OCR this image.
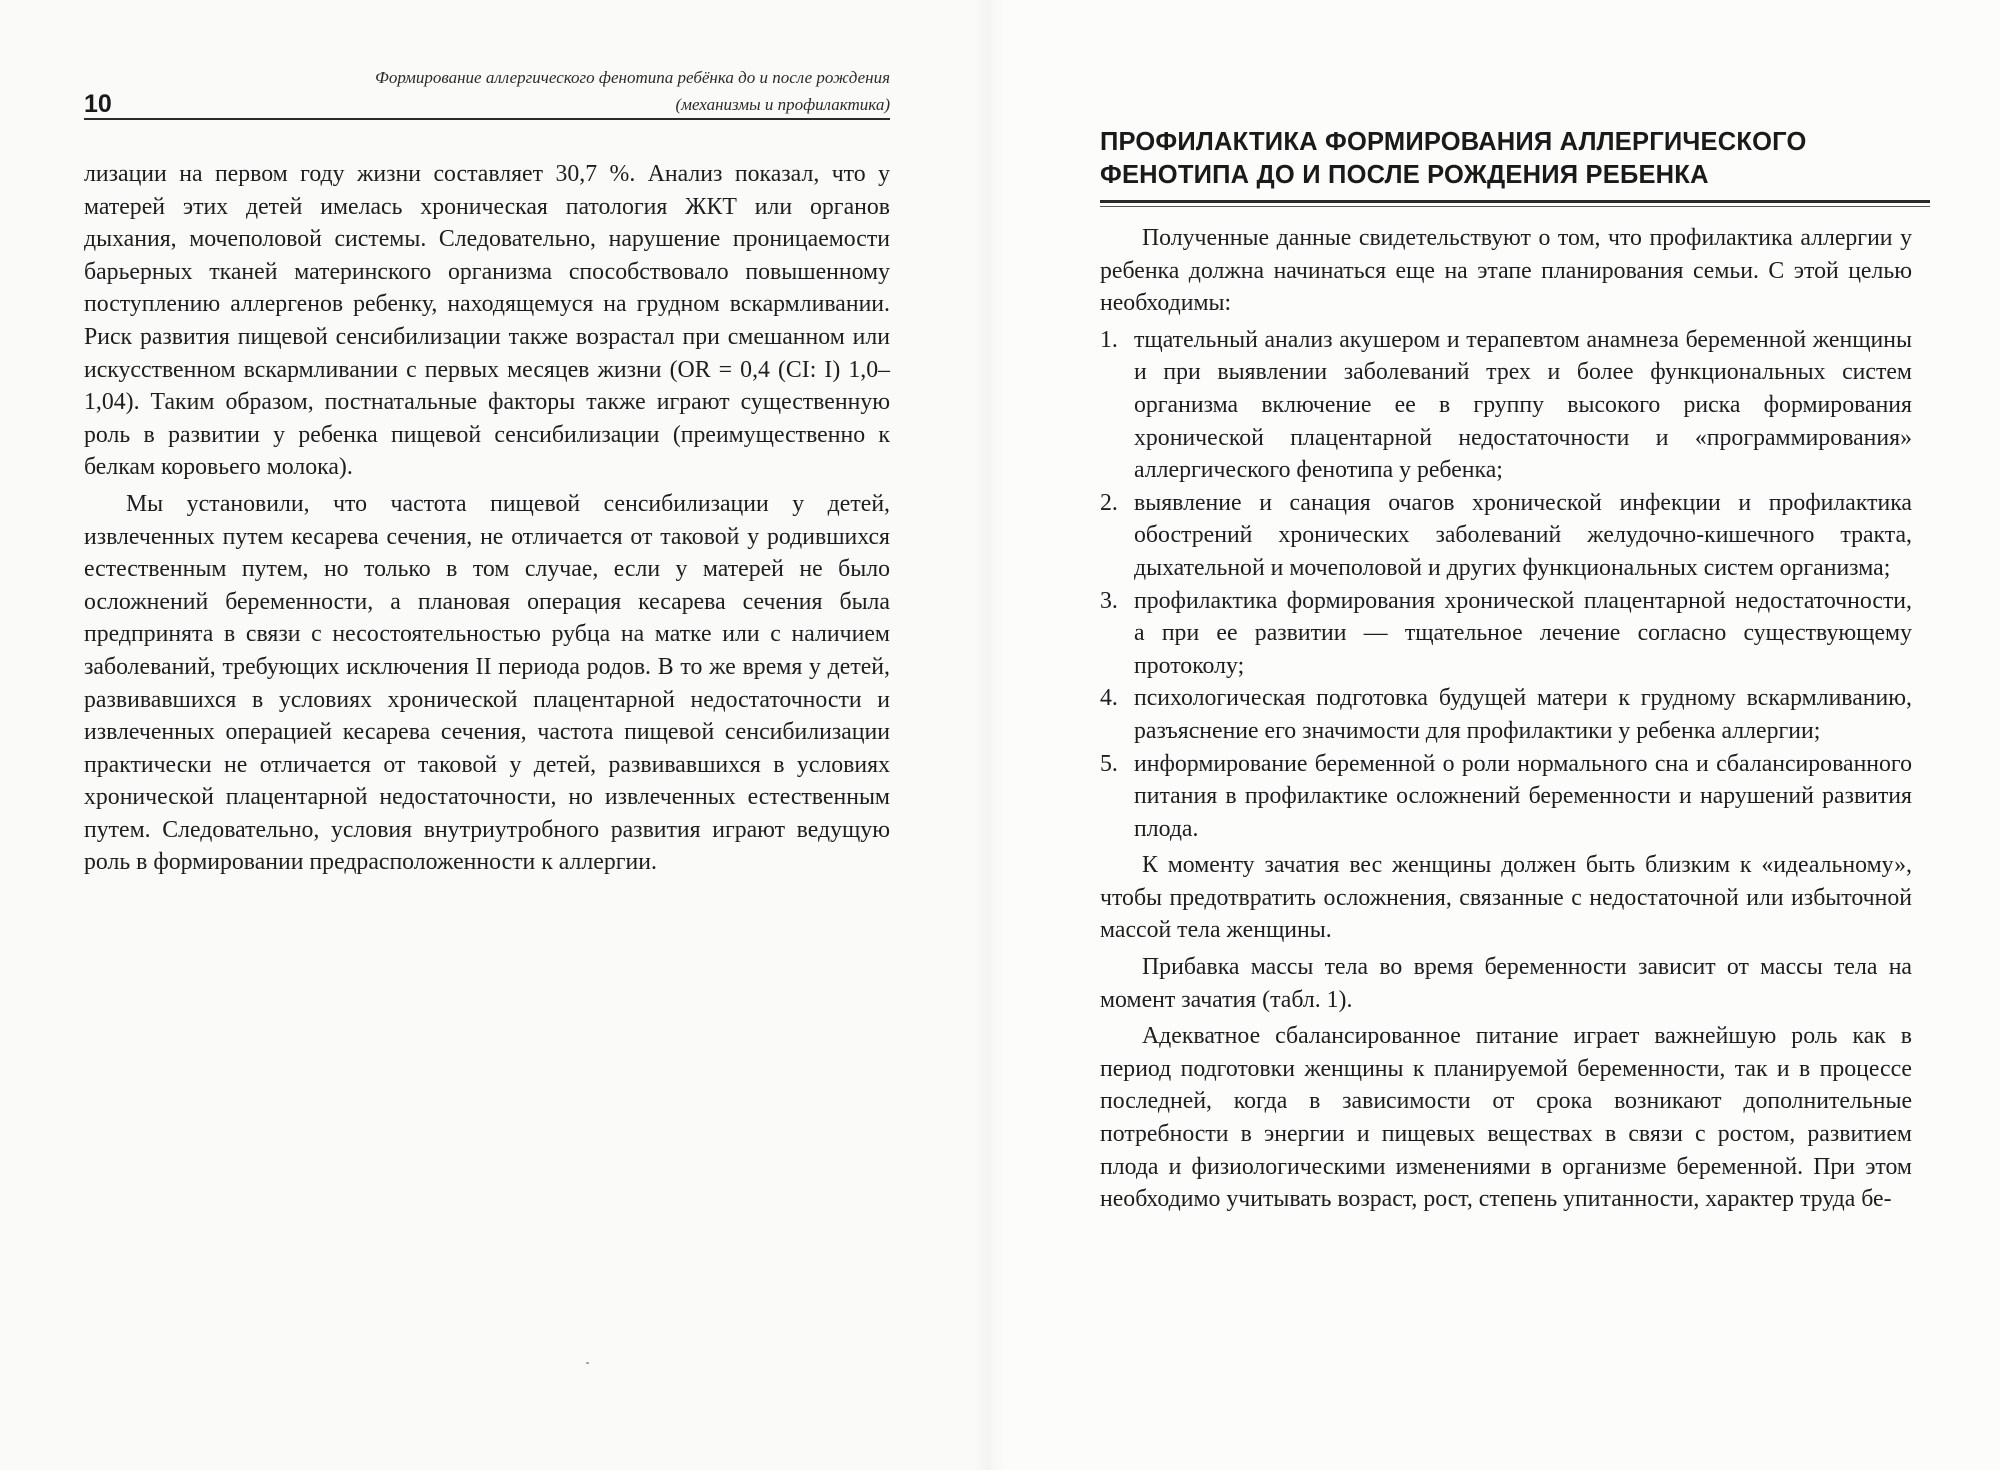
10
Формирование аллергического фенотипа ребёнка до и после рождения
(механизмы и профилактика)

лизации на первом году жизни составляет 30,7 %. Анализ показал, что у матерей этих детей имелась хроническая патология ЖКТ или органов дыхания, мочеполовой системы. Следовательно, нарушение проницаемости барьерных тканей материнского организма способствовало повышенному поступлению аллергенов ребенку, находящемуся на грудном вскармливании. Риск развития пищевой сенсибилизации также возрастал при смешанном или искусственном вскармливании с первых месяцев жизни (OR = 0,4 (CI: I) 1,0–1,04). Таким образом, постнатальные факторы также играют существенную роль в развитии у ребенка пищевой сенсибилизации (преимущественно к белкам коровьего молока).

Мы установили, что частота пищевой сенсибилизации у детей, извлеченных путем кесарева сечения, не отличается от таковой у родившихся естественным путем, но только в том случае, если у матерей не было осложнений беременности, а плановая операция кесарева сечения была предпринята в связи с несостоятельностью рубца на матке или с наличием заболеваний, требующих исключения II периода родов. В то же время у детей, развивавшихся в условиях хронической плацентарной недостаточности и извлеченных операцией кесарева сечения, частота пищевой сенсибилизации практически не отличается от таковой у детей, развивавшихся в условиях хронической плацентарной недостаточности, но извлеченных естественным путем. Следовательно, условия внутриутробного развития играют ведущую роль в формировании предрасположенности к аллергии.

ПРОФИЛАКТИКА ФОРМИРОВАНИЯ АЛЛЕРГИЧЕСКОГО
ФЕНОТИПА ДО И ПОСЛЕ РОЖДЕНИЯ РЕБЕНКА

Полученные данные свидетельствуют о том, что профилактика аллергии у ребенка должна начинаться еще на этапе планирования семьи. С этой целью необходимы:

1. тщательный анализ акушером и терапевтом анамнеза беременной женщины и при выявлении заболеваний трех и более функциональных систем организма включение ее в группу высокого риска формирования хронической плацентарной недостаточности и «программирования» аллергического фенотипа у ребенка;
2. выявление и санация очагов хронической инфекции и профилактика обострений хронических заболеваний желудочно-кишечного тракта, дыхательной и мочеполовой и других функциональных систем организма;
3. профилактика формирования хронической плацентарной недостаточности, а при ее развитии — тщательное лечение согласно существующему протоколу;
4. психологическая подготовка будущей матери к грудному вскармливанию, разъяснение его значимости для профилактики у ребенка аллергии;
5. информирование беременной о роли нормального сна и сбалансированного питания в профилактике осложнений беременности и нарушений развития плода.

К моменту зачатия вес женщины должен быть близким к «идеальному», чтобы предотвратить осложнения, связанные с недостаточной или избыточной массой тела женщины.

Прибавка массы тела во время беременности зависит от массы тела на момент зачатия (табл. 1).

Адекватное сбалансированное питание играет важнейшую роль как в период подготовки женщины к планируемой беременности, так и в процессе последней, когда в зависимости от срока возникают дополнительные потребности в энергии и пищевых веществах в связи с ростом, развитием плода и физиологическими изменениями в организме беременной. При этом необходимо учитывать возраст, рост, степень упитанности, характер труда бе-
